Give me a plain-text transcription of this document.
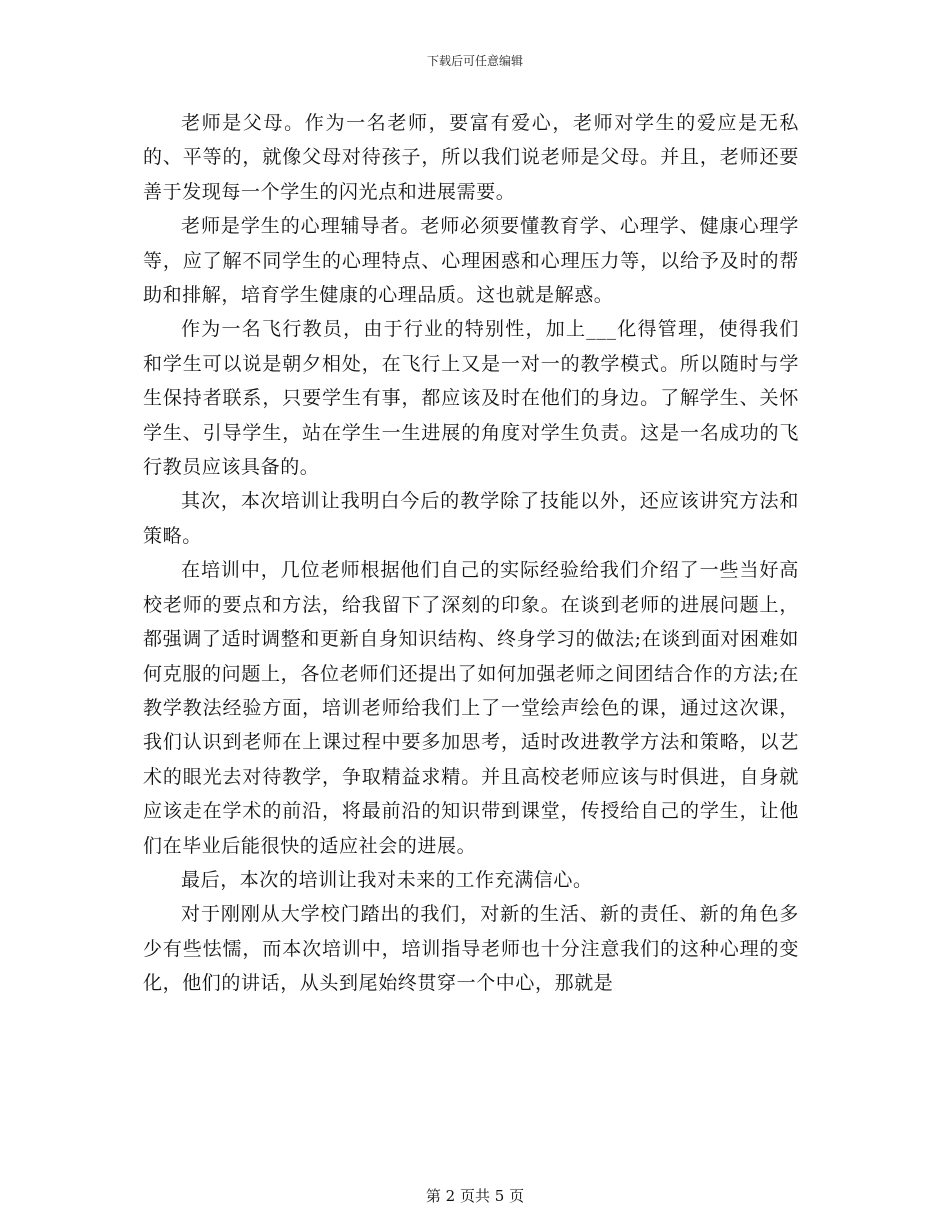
下载后可任意编辑

老师是父母。作为一名老师，要富有爱心，老师对学生的爱应是无私的、平等的，就像父母对待孩子，所以我们说老师是父母。并且，老师还要善于发现每一个学生的闪光点和进展需要。

老师是学生的心理辅导者。老师必须要懂教育学、心理学、健康心理学等，应了解不同学生的心理特点、心理困惑和心理压力等，以给予及时的帮助和排解，培育学生健康的心理品质。这也就是解惑。

作为一名飞行教员，由于行业的特别性，加上___化得管理，使得我们和学生可以说是朝夕相处，在飞行上又是一对一的教学模式。所以随时与学生保持者联系，只要学生有事，都应该及时在他们的身边。了解学生、关怀学生、引导学生，站在学生一生进展的角度对学生负责。这是一名成功的飞行教员应该具备的。

其次，本次培训让我明白今后的教学除了技能以外，还应该讲究方法和策略。

在培训中，几位老师根据他们自己的实际经验给我们介绍了一些当好高校老师的要点和方法，给我留下了深刻的印象。在谈到老师的进展问题上，都强调了适时调整和更新自身知识结构、终身学习的做法;在谈到面对困难如何克服的问题上，各位老师们还提出了如何加强老师之间团结合作的方法;在教学教法经验方面，培训老师给我们上了一堂绘声绘色的课，通过这次课，我们认识到老师在上课过程中要多加思考，适时改进教学方法和策略，以艺术的眼光去对待教学，争取精益求精。并且高校老师应该与时俱进，自身就应该走在学术的前沿，将最前沿的知识带到课堂，传授给自己的学生，让他们在毕业后能很快的适应社会的进展。

最后，本次的培训让我对未来的工作充满信心。

对于刚刚从大学校门踏出的我们，对新的生活、新的责任、新的角色多少有些怯懦，而本次培训中，培训指导老师也十分注意我们的这种心理的变化，他们的讲话，从头到尾始终贯穿一个中心，那就是

第 2 页共 5 页
